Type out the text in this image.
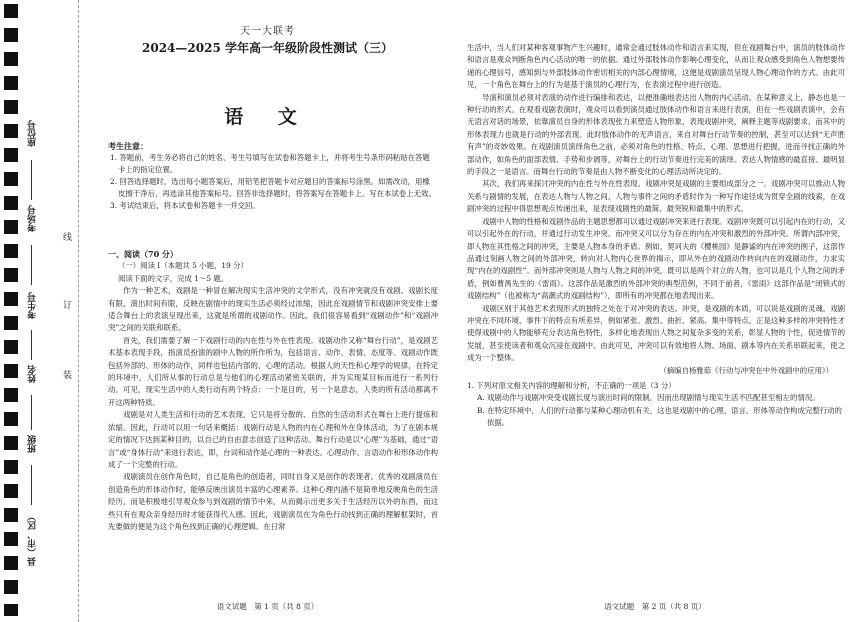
座位号
考场号
考生号
姓名
班级
县（市、区）
线
订
装
天一大联考
2024—2025 学年高一年级阶段性测试（三）
语 文
考生注意：
1. 答题前，考生务必将自己的姓名、考生号填写在试卷和答题卡上，并将考生号条形码粘贴在答题卡上的指定位置。
2. 回答选择题时，选出每小题答案后，用铅笔把答题卡对应题目的答案标号涂黑。如需改动，用橡皮擦干净后，再选涂其他答案标号。回答非选择题时，将答案写在答题卡上。写在本试卷上无效。
3. 考试结束后，将本试卷和答题卡一并交回。

一、阅读（70 分）

（一）阅读 I（本题共 5 小题，19 分）

阅读下面的文字，完成 1～5 题。

作为一种艺术，戏剧是一种冒在解决现实生活冲突的文学形式，没有冲突就没有戏剧。戏剧长度有限，演出时间有限，反映在剧情中的现实生活必须经过浓缩，因此在戏剧情节和戏剧冲突安排上要适合舞台上的表演呈现出来，这就是所谓的戏剧动作。因此，我们很容易看到“戏剧动作”和“戏剧冲突”之间的关联和联系。

首先，我们需要了解一下戏剧行动的内在性与外在性表现。戏剧动作又称“舞台行动”，是戏剧艺术基本表现手段，指演员扮演的剧中人物的所作所为，包括语言、动作、表情、态度等。戏剧动作既包括外部的、形体的动作，同样也包括内部的、心理的活动。根据人的天性和心理学的规律，在特定的环境中，人们所从事的行动总是与他们的心理活动紧密关联的，并为实现某目标而进行一系列行动。可见，现实生活中的人类行动有两个特点：一个是目的，另一个是意志，人类的所有活动都离不开这两种特质。

戏剧是对人类生活和行动的艺术表现，它只是将分散的、自然的生活动形式在舞台上进行提炼和浓缩。因此，行动可以用一句话来概括：戏剧行动是人物的内在心理和外在身体活动，为了在剧本规定的情况下达到某种目的，以自己的自由意志创造了这种活动。舞台行动是以“心理”为基础，通过“语言”或“身体行动”来进行表达，即，台词和动作是心理的一种表达。心理动作、言语动作和形体动作构成了一个完整的行动。

戏剧演员在创作角色时，自己是角色的创造者，同时自身又是创作的表现者。优秀的戏剧演员在创造角色的形体动作时，能够反映出演员丰富的心理素养。这种心理内涵不是简单地反映角色的生活经历，而是积极地引导观众参与到戏剧的情节中来，从而揭示出更多关于生活经历以外的东西，而这些只有在观众亲身经历时才能获得代入感。因此，戏剧演员在为角色行动找到正确的理解框架时，首先要做的便是为这个角色找到正确的心理逻辑。在日常

生活中，当人们对某种客观事物产生兴趣时，通常会通过肢体动作和语言来实现，但在戏剧舞台中，演员的肢体动作和语言是观众判断角色内心活动的唯一的依据。通过外部肢体动作影响心理变化，从而让观众感受到角色人物想要传递的心理信号，感知到与外部肢体动作密切相关的内部心理情境，这便是戏剧演员呈现人物心理动作的方式。由此可见，一个角色在舞台上的行为是基于演员的心理行为，在表演过程中进行创造。

导演和演员必须对表演的动作进行编排和表达，以便准确地表达出人物的内心活动。在某种意义上，静态也是一种行动的形式。在观看戏剧表演时，观众可以看到演员通过肢体动作和语言来进行表演，但在一些戏剧表演中，会有无语言对话的场景，依靠演员自身的形体表现张力来塑造人物形象，表现戏剧冲突，阐释主题等戏剧要求，而其中的形体表现力也就是行动的外部表现。此时肢体动作的无声语言，来自对舞台行动节奏的控制，甚至可以达到“无声胜有声”的奇妙效果。在戏剧演员演绎角色之前，必须对角色的性格、特点、心理、思想进行把握，进而寻找正确的外部动作，如角色的面部表情、手势和步调等，对舞台上的行动节奏进行完美的演绎。表达人物情感的最直接、最明显的手段之一是语言。而舞台行动的节奏是由人物不断变化的心理活动所决定的。

其次，我们再来探讨冲突的内在性与外在性表现。戏剧冲突是戏剧的主要组成部分之一。戏剧冲突可以推动人物关系与剧情的发展，在表达人物与人物之间、人物与事件之间的矛盾时作为一种写作途径成为贯穿全剧的线索，在戏剧冲突的过程中得思想观点传递出来，是表现戏剧性的最简、最突锐和最集中的形式。

戏剧中人物的性格和戏剧作品的主题思想都可以通过戏剧冲突来进行表现。戏剧冲突既可以引起内在的行动，又可以引起外在的行动，并通过行动发生冲突。而冲突又可以分为存在的内在冲突和激烈的外部冲突。所谓内部冲突，即人物在其性格之间的冲突，主要是人物本身的矛盾。例如，契诃夫的《樱桃园》是静谧的内在冲突的例子，这部作品通过刻画人物之间的外部冲突，转向对人物内心世界的揭示，即从外在的戏剧动作转向内在的戏剧动作，力求实现“内在的戏剧性”。而外部冲突则是人物与人物之间的冲突，既可以是两个对立的人物，也可以是几个人物之间的矛盾，例如曹禺先生的《雷雨》。这部作品是激烈的外部冲突的典型范例，不同于前者，《雷雨》这部作品是“闭锁式的戏剧结构”（也被称为“高潮式的戏剧结构”），即所有的冲突都在地表现出来。

戏剧区别于其他艺术表现形式的独特之处在于对冲突的表达。冲突，是戏剧的本质，可以说是戏剧的灵魂。戏剧冲突在不同环境、事件下的特点有所差异，例如紧张、激烈、曲折、紧高、集中等特点。正是这种多样的冲突特性才使得戏剧中的人物能够充分表达角色特性，多样化地表现出人物之间复杂多变的关系，彰显人物的个性，促进情节的发展，甚至使读者和观众沉浸在戏剧中。由此可见，冲突可以有效地将人物、场面、剧本等内在关系串联起来，使之成为一个整体。

（摘编自杨雅茹《行动与冲突在中外戏剧中的应用》）

1. 下列对原文相关内容的理解和分析，不正确的一项是（3 分）

A. 戏剧动作与戏剧冲突受戏剧长度与演出时间的限制，因而出现剧情与现实生活不匹配甚至相左的情况。

B. 在特定环境中，人们的行动都与某种心理动机有关，这也是戏剧中的心理、语言、形体等动作构成完整行动的依据。

语文试题　第 1 页（共 8 页）	语文试题　第 2 页（共 8 页）
